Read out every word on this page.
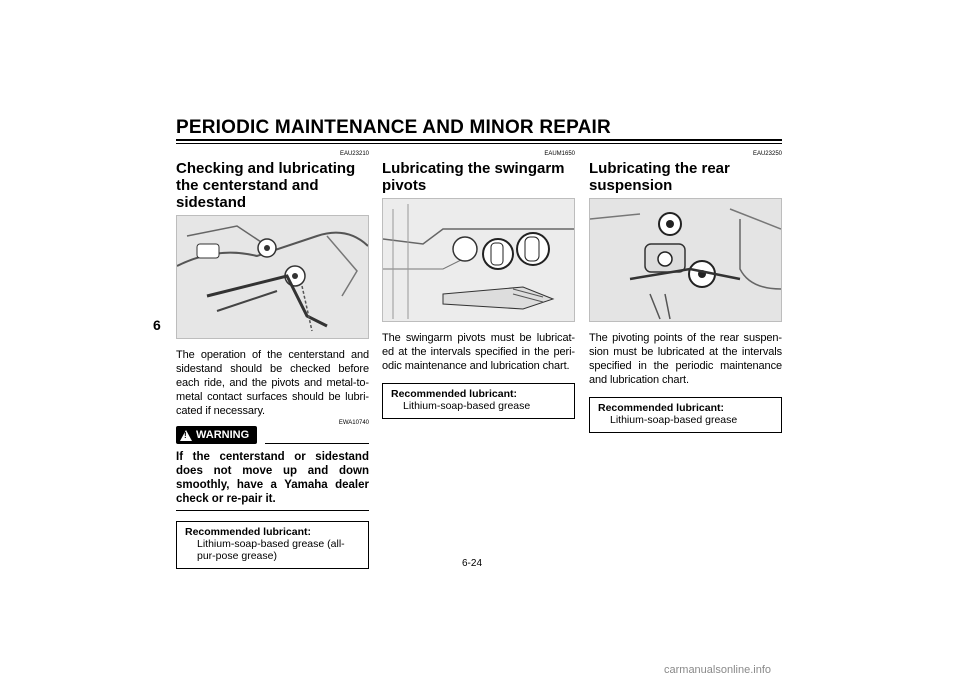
PERIODIC MAINTENANCE AND MINOR REPAIR
6
EAU23210
Checking and lubricating the centerstand and sidestand
The operation of the centerstand and sidestand should be checked before each ride, and the pivots and metal-to-metal contact surfaces should be lubri-cated if necessary.
! WARNING
EWA10740
If the centerstand or sidestand does not move up and down smoothly, have a Yamaha dealer check or re-pair it.
Recommended lubricant:
Lithium-soap-based grease (all-pur-pose grease)
EAUM1650
Lubricating the swingarm pivots
The swingarm pivots must be lubricat-ed at the intervals specified in the peri-odic maintenance and lubrication chart.
Recommended lubricant:
Lithium-soap-based grease
EAU23250
Lubricating the rear suspension
The pivoting points of the rear suspen-sion must be lubricated at the intervals specified in the periodic maintenance and lubrication chart.
Recommended lubricant:
Lithium-soap-based grease
6-24
carmanualsonline.info
